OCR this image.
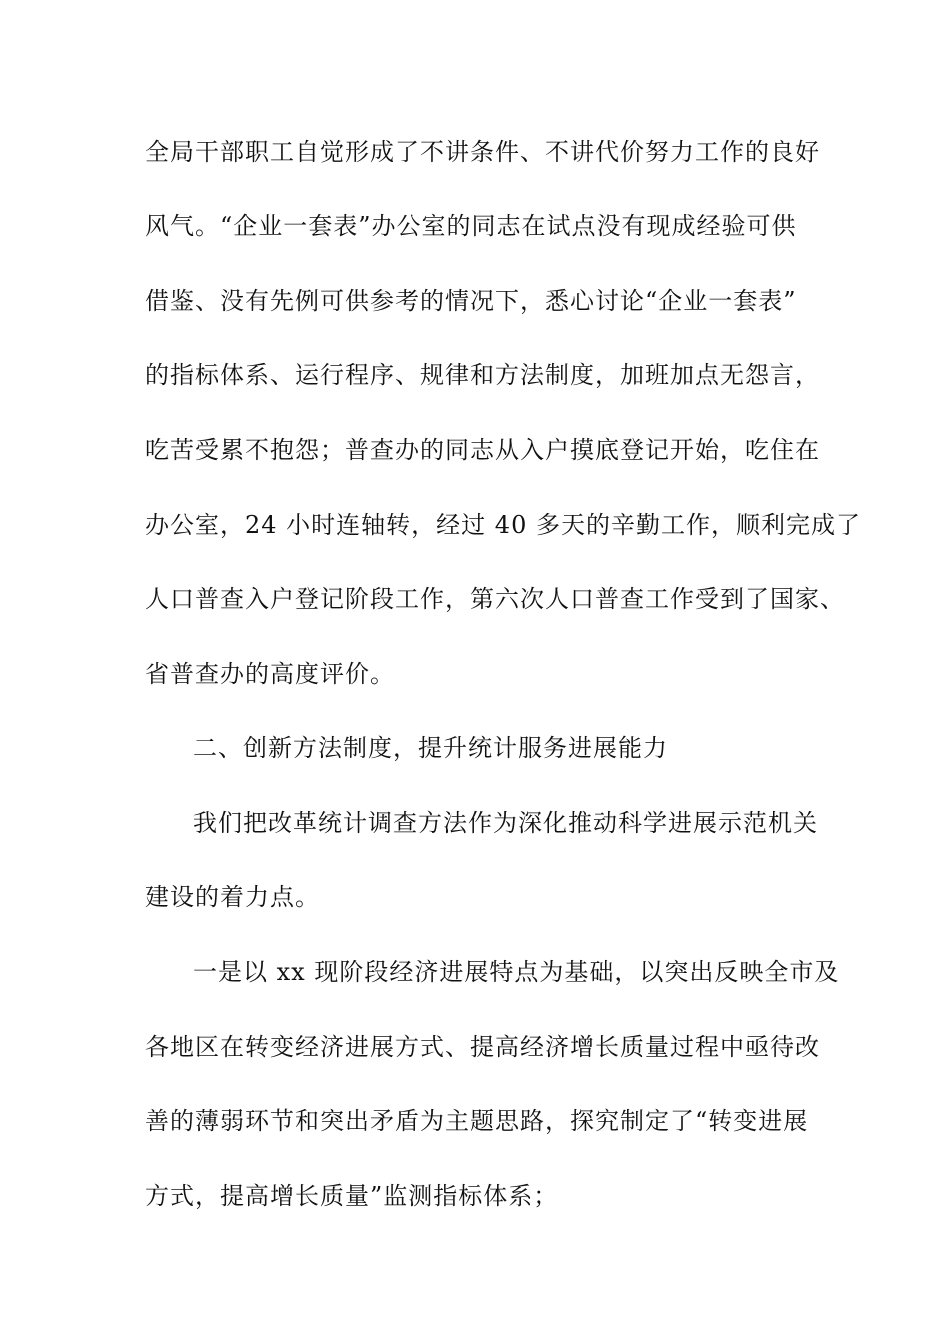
全局干部职工自觉形成了不讲条件、不讲代价努力工作的良好
风气。“企业一套表”办公室的同志在试点没有现成经验可供
借鉴、没有先例可供参考的情况下，悉心讨论“企业一套表”
的指标体系、运行程序、规律和方法制度，加班加点无怨言，
吃苦受累不抱怨；普查办的同志从入户摸底登记开始，吃住在
办公室，24 小时连轴转，经过 40 多天的辛勤工作，顺利完成了
人口普查入户登记阶段工作，第六次人口普查工作受到了国家、
省普查办的高度评价。
二、创新方法制度，提升统计服务进展能力
我们把改革统计调查方法作为深化推动科学进展示范机关
建设的着力点。
一是以 xx 现阶段经济进展特点为基础，以突出反映全市及
各地区在转变经济进展方式、提高经济增长质量过程中亟待改
善的薄弱环节和突出矛盾为主题思路，探究制定了“转变进展
方式，提高增长质量”监测指标体系；
